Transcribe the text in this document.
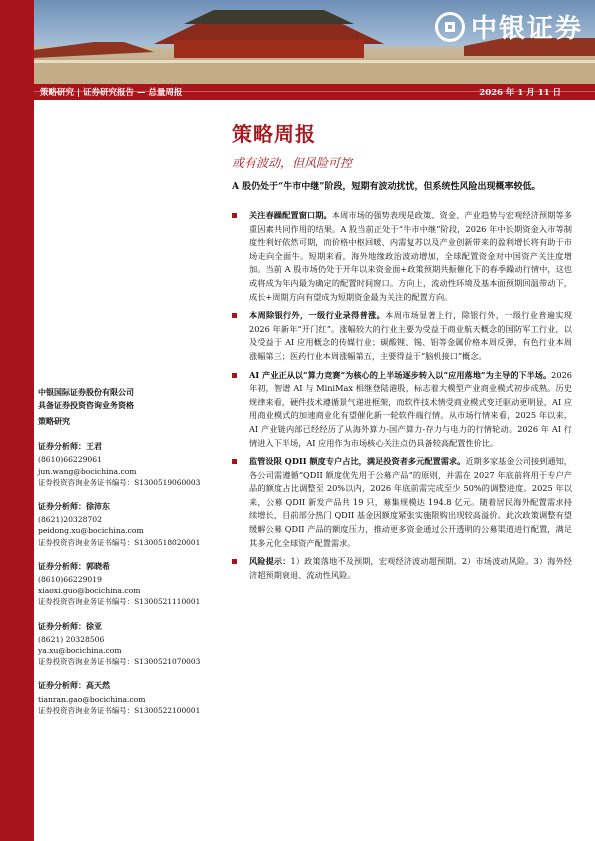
中银证券
策略研究 | 证券研究报告 — 总量周报	2026 年 1 月 11 日
策略周报
或有波动，但风险可控
A 股仍处于“牛市中继”阶段，短期有波动扰忧，但系统性风险出现概率较低。
关注春躁配置窗口期。本周市场的强势表现是政策、资金、产业趋势与宏观经济预期等多重因素共同作用的结果。A 股当前正处于“牛市中继”阶段，2026 年中长期资金入市等制度性利好依然可期，而价格中枢回暖、内需复苏以及产业创新带来的盈利增长将有助于市场走向全面牛。短期来看，海外地缘政治波动增加，全球配置资金对中国资产关注度增加。当前 A 股市场仍处于开年以来资金面+政策预期共振催化下的春季躁动行情中，这也或将成为年内最为确定的配置时间窗口。方向上，流动性环境及基本面预期回温带动下，成长+周期方向有望成为短期资金最为关注的配置方向。
本周除银行外，一级行业录得普涨。本周市场显著上行，除银行外，一级行业普遍实现 2026 年新年“开门红”。涨幅较大的行业主要为受益于商业航天概念的国防军工行业，以及受益于 AI 应用概念的传媒行业；碳酸锂、锡、铝等金属价格本周反弹，有色行业本周涨幅第三；医药行业本周涨幅第五，主要得益于“脑机接口”概念。
AI 产业正从以“算力竞赛”为核心的上半场逐步转入以“应用落地”为主导的下半场。2026 年初，智谱 AI 与 MiniMax 相继登陆港股，标志着大模型产业商业模式初步成熟。历史规律来看，硬件技术遵循景气递进框架，而软件技术情受商业模式变迁驱动更明显，AI 应用商业模式的加速商业化有望催化新一轮软件端行情。从市场行情来看，2025 年以来，AI 产业链内部已经经历了从海外算力-国产算力-存力与电力的行情轮动。2026 年 AI 行情进入下半场，AI 应用作为市场核心关注点仍具备较高配置性价比。
监管设限 QDII 额度专户占比，满足投资者多元配置需求。近期多家基金公司接到通知，各公司需遵循“QDII 额度优先用于公募产品”的原则，并需在 2027 年底前将用于专户产品的额度占比调整至 20%以内，2026 年底前需完成至少 50%的调整进度。2025 年以来，公募 QDII 新发产品共 19 只，募集规模达 194.8 亿元。随着居民海外配置需求持续增长，目前部分热门 QDII 基金因额度紧张实施限购出现较高溢价。此次政策调整有望缓解公募 QDII 产品的额度压力，推动更多资金通过公开透明的公募渠道进行配置，满足其多元化全球资产配置需求。
风险提示：1）政策落地不及预期，宏观经济波动超预期。2）市场波动风险。3）海外经济超预期衰退、流动性风险。
中银国际证券股份有限公司
具备证券投资咨询业务资格
策略研究
证券分析师：王君
(8610)66229061
jun.wang@bocichina.com
证券投资咨询业务证书编号：S1300519060003
证券分析师：徐沛东
(8621)20328702
peidong.xu@bocichina.com
证券投资咨询业务证书编号：S1300518020001
证券分析师：郭晓希
(8610)66229019
xiaoxi.guo@bocichina.com
证券投资咨询业务证书编号：S1300521110001
证券分析师：徐亚
(8621) 20328506
ya.xu@bocichina.com
证券投资咨询业务证书编号：S1300521070003
证券分析师：高天然
tianran.gao@bocichina.com
证券投资咨询业务证书编号：S1300522100001
